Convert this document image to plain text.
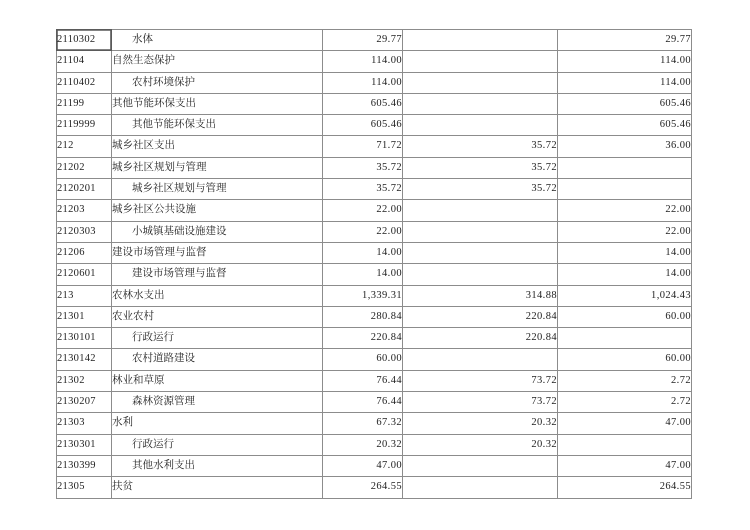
2110302	水体	29.77		29.77
21104	自然生态保护	114.00		114.00
2110402	农村环境保护	114.00		114.00
21199	其他节能环保支出	605.46		605.46
2119999	其他节能环保支出	605.46		605.46
212	城乡社区支出	71.72	35.72	36.00
21202	城乡社区规划与管理	35.72	35.72	
2120201	城乡社区规划与管理	35.72	35.72	
21203	城乡社区公共设施	22.00		22.00
2120303	小城镇基础设施建设	22.00		22.00
21206	建设市场管理与监督	14.00		14.00
2120601	建设市场管理与监督	14.00		14.00
213	农林水支出	1,339.31	314.88	1,024.43
21301	农业农村	280.84	220.84	60.00
2130101	行政运行	220.84	220.84	
2130142	农村道路建设	60.00		60.00
21302	林业和草原	76.44	73.72	2.72
2130207	森林资源管理	76.44	73.72	2.72
21303	水利	67.32	20.32	47.00
2130301	行政运行	20.32	20.32	
2130399	其他水利支出	47.00		47.00
21305	扶贫	264.55		264.55
